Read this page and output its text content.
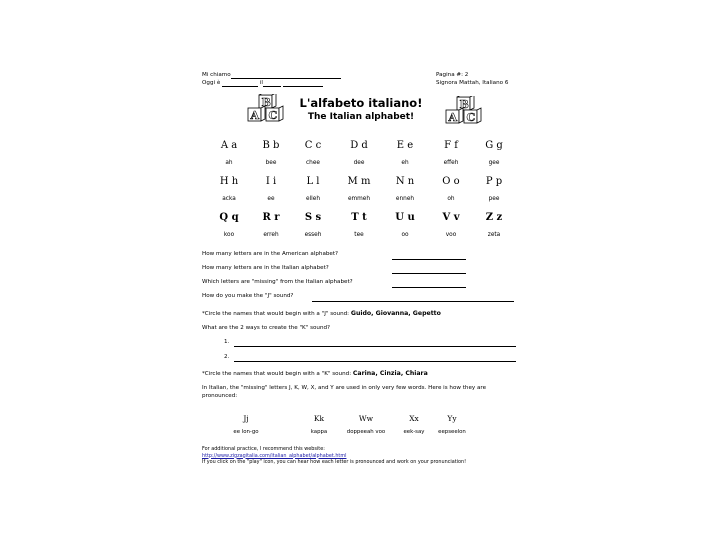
Mi chiamo
Oggi è	il
Pagina #: 2
Signora Mattah, Italiano 6
B
A C
L'alfabeto italiano!
The Italian alphabet!
B
A C
A a	B b	C c	D d	E e	F f	G g
ah	bee	chee	dee	eh	effeh	gee
H h	I i	L l	M m	N n	O o	P p
acka	ee	elleh	emmeh	enneh	oh	pee
Q q	R r	S s	T t	U u	V v	Z z
koo	erreh	esseh	tee	oo	voo	zeta
How many letters are in the American alphabet?
How many letters are in the Italian alphabet?
Which letters are "missing" from the Italian alphabet?
How do you make the "J" sound?
*Circle the names that would begin with a "J" sound: Guido, Giovanna, Gepetto
What are the 2 ways to create the "K" sound?
1.
2.
*Circle the names that would begin with a "K" sound: Carina, Cinzia, Chiara
In Italian, the "missing" letters J, K, W, X, and Y are used in only very few words. Here is how they are pronounced:
Jj	Kk	Ww	Xx	Yy
ee lon-go	kappa	doppeeah voo	eek-say	eepseelon
For additional practice, I recommend this website:
http://www.zigzagitalia.com/italian_alphabet/alphabet.html
If you click on the "play" icon, you can hear how each letter is pronounced and work on your pronunciation!
